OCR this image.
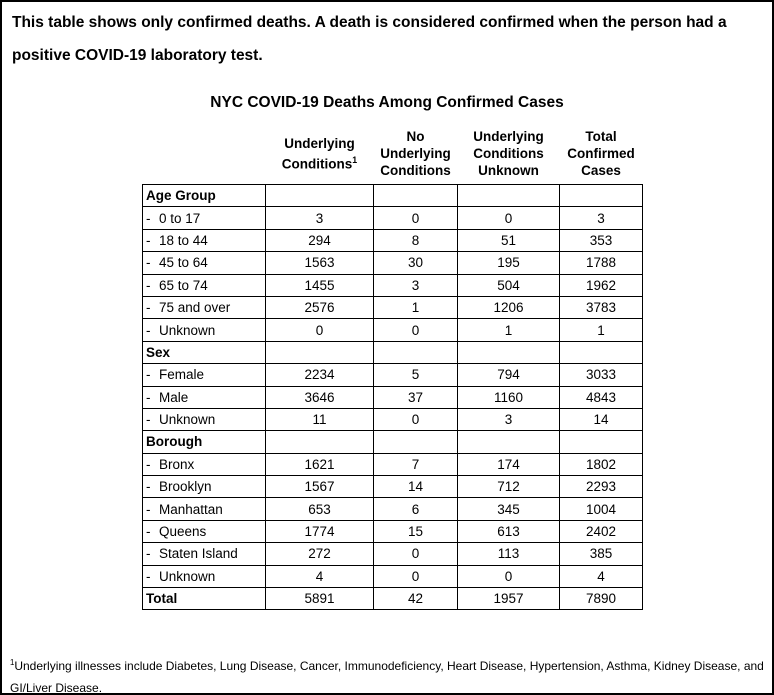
This table shows only confirmed deaths. A death is considered confirmed when the person had a
positive COVID-19 laboratory test.

NYC COVID-19 Deaths Among Confirmed Cases
	Underlying Conditions$^1$	No Underlying Conditions	Underlying Conditions Unknown	Total Confirmed Cases
Age Group				
- 0 to 17	3	0	0	3
- 18 to 44	294	8	51	353
- 45 to 64	1563	30	195	1788
- 65 to 74	1455	3	504	1962
- 75 and over	2576	1	1206	3783
- Unknown	0	0	1	1
Sex				
- Female	2234	5	794	3033
- Male	3646	37	1160	4843
- Unknown	11	0	3	14
Borough				
- Bronx	1621	7	174	1802
- Brooklyn	1567	14	712	2293
- Manhattan	653	6	345	1004
- Queens	1774	15	613	2402
- Staten Island	272	0	113	385
- Unknown	4	0	0	4
Total	5891	42	1957	7890

$^1$Underlying illnesses include Diabetes, Lung Disease, Cancer, Immunodeficiency, Heart Disease, Hypertension, Asthma, Kidney Disease, and
GI/Liver Disease.
